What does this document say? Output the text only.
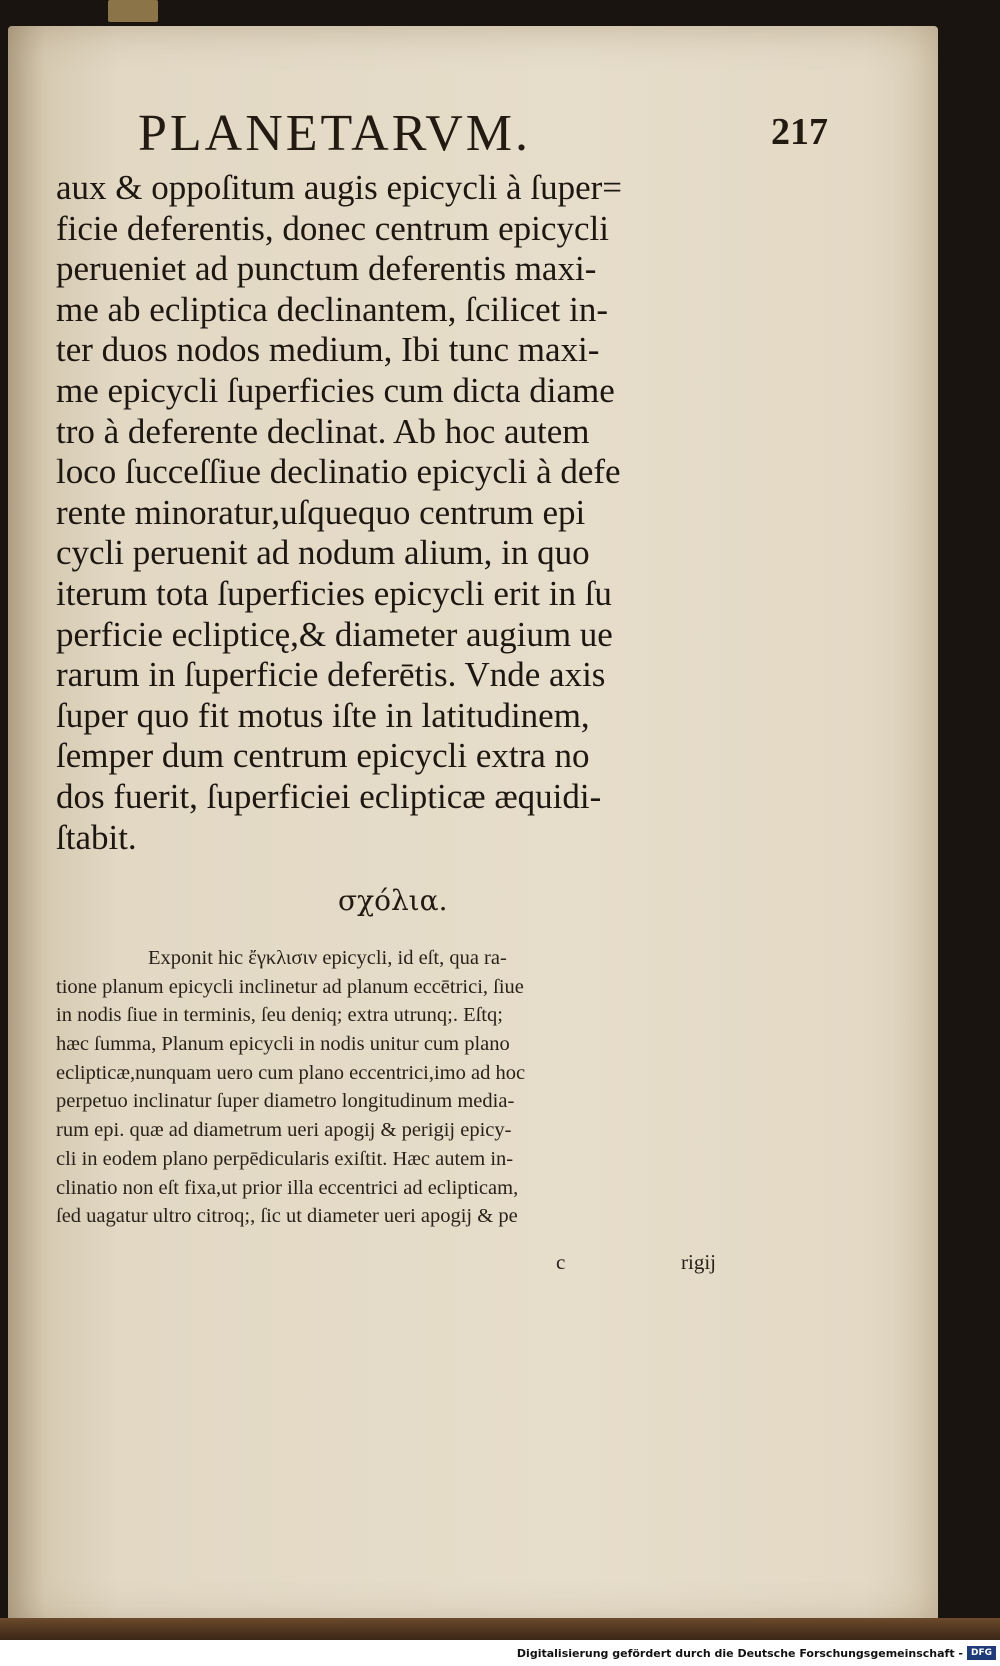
PLANETARVM.	217
aux & oppoſitum augis epicycli à ſuper=
ficie deferentis, donec centrum epicycli
perueniet ad punctum deferentis maxi-
me ab ecliptica declinantem, ſcilicet in-
ter duos nodos medium, Ibi tunc maxi-
me epicycli ſuperficies cum dicta diame
tro à deferente declinat. Ab hoc autem
loco ſucceſſiue declinatio epicycli à defe
rente minoratur,uſquequo centrum epi
cycli peruenit ad nodum alium, in quo
iterum tota ſuperficies epicycli erit in ſu
perficie eclipticę,& diameter augium ue
rarum in ſuperficie deferētis. Vnde axis
ſuper quo fit motus iſte in latitudinem,
ſemper dum centrum epicycli extra no
dos fuerit, ſuperficiei eclipticæ æquidi-
ſtabit.
σχόλια.
Exponit hic ἔγκλισιν epicycli, id eſt, qua ra-
tione planum epicycli inclinetur ad planum eccētrici, ſiue
in nodis ſiue in terminis, ſeu deniq; extra utrunq;. Eſtq;
hæc ſumma, Planum epicycli in nodis unitur cum plano
eclipticæ,nunquam uero cum plano eccentrici,imo ad hoc
perpetuo inclinatur ſuper diametro longitudinum media-
rum epi. quæ ad diametrum ueri apogij & perigij epicy-
cli in eodem plano perpēdicularis exiſtit. Hæc autem in-
clinatio non eſt fixa,ut prior illa eccentrici ad eclipticam,
ſed uagatur ultro citroq;, ſic ut diameter ueri apogij & pe
c	rigij
Digitalisierung gefördert durch die Deutsche Forschungsgemeinschaft - DFG
